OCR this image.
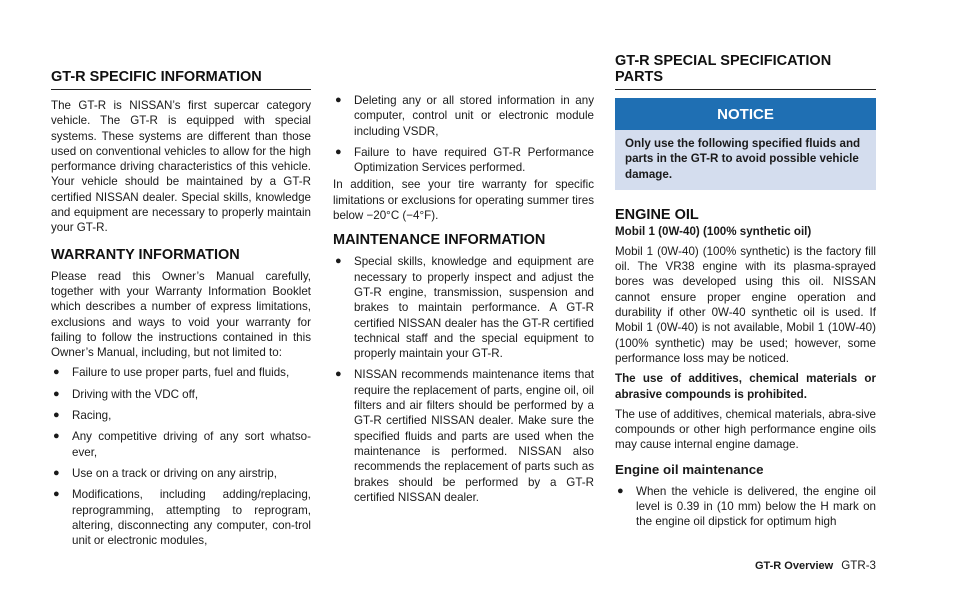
GT-R SPECIFIC INFORMATION

The GT-R is NISSAN’s first supercar category vehicle. The GT-R is equipped with special systems. These systems are different than those used on conventional vehicles to allow for the high performance driving characteristics of this vehicle. Your vehicle should be maintained by a GT-R certified NISSAN dealer. Special skills, knowledge and equipment are necessary to properly maintain your GT-R.

WARRANTY INFORMATION

Please read this Owner’s Manual carefully, together with your Warranty Information Booklet which describes a number of express limitations, exclusions and ways to void your warranty for failing to follow the instructions contained in this Owner’s Manual, including, but not limited to:

● Failure to use proper parts, fuel and fluids,
● Driving with the VDC off,
● Racing,
● Any competitive driving of any sort whatso-ever,
● Use on a track or driving on any airstrip,
● Modifications, including adding/replacing, reprogramming, attempting to reprogram, altering, disconnecting any computer, con-trol unit or electronic modules,
● Deleting any or all stored information in any computer, control unit or electronic module including VSDR,
● Failure to have required GT-R Performance Optimization Services performed.

In addition, see your tire warranty for specific limitations or exclusions for operating summer tires below −20°C (−4°F).

MAINTENANCE INFORMATION
● Special skills, knowledge and equipment are necessary to properly inspect and adjust the GT-R engine, transmission, suspension and brakes to maintain performance. A GT-R certified NISSAN dealer has the GT-R certified technical staff and the special equipment to properly maintain your GT-R.
● NISSAN recommends maintenance items that require the replacement of parts, engine oil, oil filters and air filters should be performed by a GT-R certified NISSAN dealer. Make sure the specified fluids and parts are used when the maintenance is performed. NISSAN also recommends the replacement of parts such as brakes should be performed by a GT-R certified NISSAN dealer.
GT-R SPECIAL SPECIFICATION PARTS
NOTICE
Only use the following specified fluids and parts in the GT-R to avoid possible vehicle damage.
ENGINE OIL
Mobil 1 (0W-40) (100% synthetic oil)

Mobil 1 (0W-40) (100% synthetic) is the factory fill oil. The VR38 engine with its plasma-sprayed bores was developed using this oil. NISSAN cannot ensure proper engine operation and durability if other 0W-40 synthetic oil is used. If Mobil 1 (0W-40) is not available, Mobil 1 (10W-40) (100% synthetic) may be used; however, some performance loss may be noticed.

The use of additives, chemical materials or abrasive compounds is prohibited.

The use of additives, chemical materials, abra-sive compounds or other high performance engine oils may cause internal engine damage.

Engine oil maintenance
● When the vehicle is delivered, the engine oil level is 0.39 in (10 mm) below the H mark on the engine oil dipstick for optimum high
GT-R Overview GTR-3
